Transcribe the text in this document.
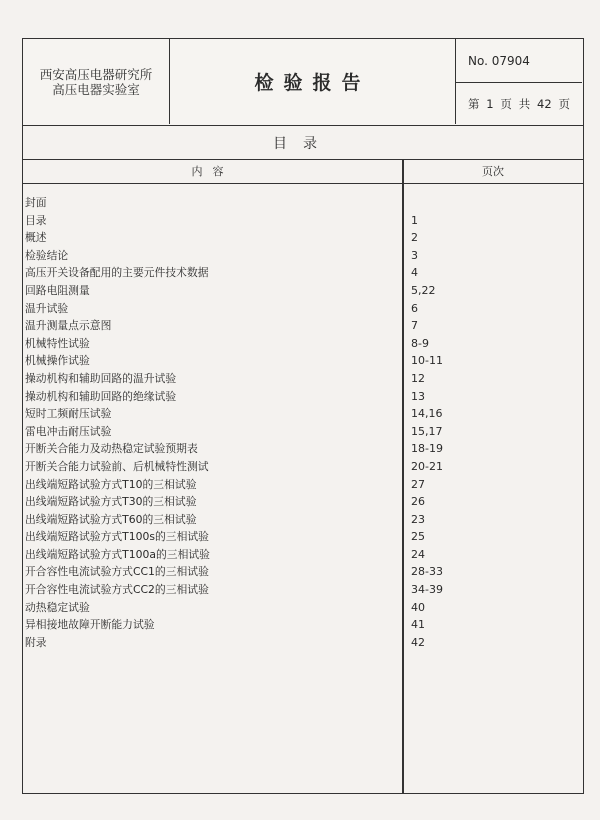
西安高压电器研究所
高压电器实验室	检验报告
No. 07904
第 1 页 共 42 页
目录
内容	页次
封面
目录	1
概述	2
检验结论	3
高压开关设备配用的主要元件技术数据	4
回路电阻测量	5,22
温升试验	6
温升测量点示意图	7
机械特性试验	8-9
机械操作试验	10-11
操动机构和辅助回路的温升试验	12
操动机构和辅助回路的绝缘试验	13
短时工频耐压试验	14,16
雷电冲击耐压试验	15,17
开断关合能力及动热稳定试验预期表	18-19
开断关合能力试验前、后机械特性测试	20-21
出线端短路试验方式T10的三相试验	27
出线端短路试验方式T30的三相试验	26
出线端短路试验方式T60的三相试验	23
出线端短路试验方式T100s的三相试验	25
出线端短路试验方式T100a的三相试验	24
开合容性电流试验方式CC1的三相试验	28-33
开合容性电流试验方式CC2的三相试验	34-39
动热稳定试验	40
异相接地故障开断能力试验	41
附录	42
